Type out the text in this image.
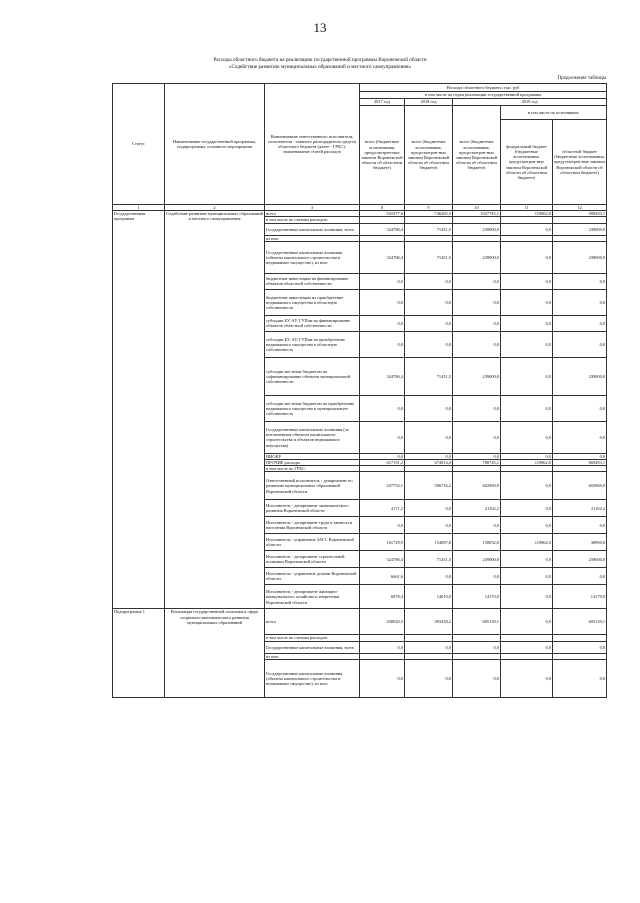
13
Расходы областного бюджета на реализацию государственной программы Воронежской области
«Содействие развитию муниципальных образований и местного самоуправления»
Продолжение таблицы
Статус	Наименование государственной программы, подпрограммы, основного мероприятия	Наименование ответственного исполнителя, исполнителя - главного распорядителя средств областного бюджета (далее - ГРБС), наименование статей расходов	Расходы областного бюджета, тыс. руб				
			в том числе по годам реализации государственной программы				
			2017 год	2018 год	2019 год		
			всего (бюджетные ассигнования, предусмотрен-ные законом Воронежской области об областном бюджете)	всего (бюджетные ассигнования, предусмотрен-ные законом Воронежской области об областном бюджете)	всего (бюджетные ассигнования, предусмотрен-ные законом Воронежской области об областном бюджете)	в том числе по источникам:	
						федеральный бюджет (бюджетные ассигнования, предусмотрен-ные законом Воронежской области об областном бюджете)	областной бюджет (бюджетные ассигнования, предусмотрен-ные законом Воронежской области об областном бюджете)
1	2	3	8	9	10	11	12
Государственная программа	Содействие развитию муниципальных образований и местного самоуправления	всего	941977,6	746265,5	1027745,1	119062,0	908283,1
		в том числе по статьям расходов:					
		Государственные капитальные вложения, всего	324786,4	71451,5	239000,0	0,0	239000,0
		из них:					
		Государственные капитальные вложения (объекты капитального строительства и недвижимое имущество), из них:	324786,4	71451,5	239000,0	0,0	239000,0
		бюджетные инвестиции на финансирование объектов областной собственности	0,0	0,0	0,0	0,0	0,0
		бюджетные инвестиции на приобретение недвижимого имущества в областную собственность	0,0	0,0	0,0	0,0	0,0
		субсидии БУ, АУ, ГУПам на финансирование объектов областной собственности	0,0	0,0	0,0	0,0	0,0
		субсидии БУ, АУ, ГУПам на приобретение недвижимого имущества в областную собственность	0,0	0,0	0,0	0,0	0,0
		субсидии местным бюджетам на софинансирование объектов муниципальной собственности	324786,4	71451,5	239000,0	0,0	239000,0
		субсидии местным бюджетам на приобретение недвижимого имущества в муниципальную собственность	0,0	0,0	0,0	0,0	0,0
		Государственные капитальные вложения (за исключением объектов капитального строительства и объектов недвижимого имущества)	0,0	0,0	0,0	0,0	0,0
		НИОКР	0,0	0,0	0,0	0,0	0,0
		ПРОЧИЕ расходы	617191,2	674814,0	788745,1	119062,0	669283,1
		в том числе по ГРБС:					
		Ответственный исполнитель - департамент по развитию муниципальных образований Воронежской области	437752,1	506716,2	602960,9	0,0	602960,9
		Исполнитель - департамент экономического развития Воронежской области	4171,2	0,0	21162,2	0,0	21162,2
		Исполнитель - департамент труда и занятости населения Воронежской области	0,0	0,0	0,0	0,0	0,0
		Исполнитель - управление ЗАГС Воронежской области	161729,9	154087,8	150052,0	119062,0	30990,0
		Исполнитель - департамент строительной политики Воронежской области	324786,4	71451,5	239000,0	0,0	239000,0
		Исполнитель - управление делами Воронежской области	6661,6	0,0	0,0	0,0	0,0
		Исполнитель - департамент жилищно-коммунального хозяйства и энергетики Воронежской области	6878,4	14010,0	14170,0	0,0	14170,0
Подпрограмма 1	Реализация государственной политики в сфере социально-экономического развития муниципальных образований	всего	430020,3	493458,2	605139,1	0,0	605139,1
		в том числе по статьям расходов:					
		Государственные капитальные вложения, всего	0,0	0,0	0,0	0,0	0,0
		из них:					
		Государственные капитальные вложения (объекты капитального строительства и недвижимое имущество), из них:	0,0	0,0	0,0	0,0	0,0
